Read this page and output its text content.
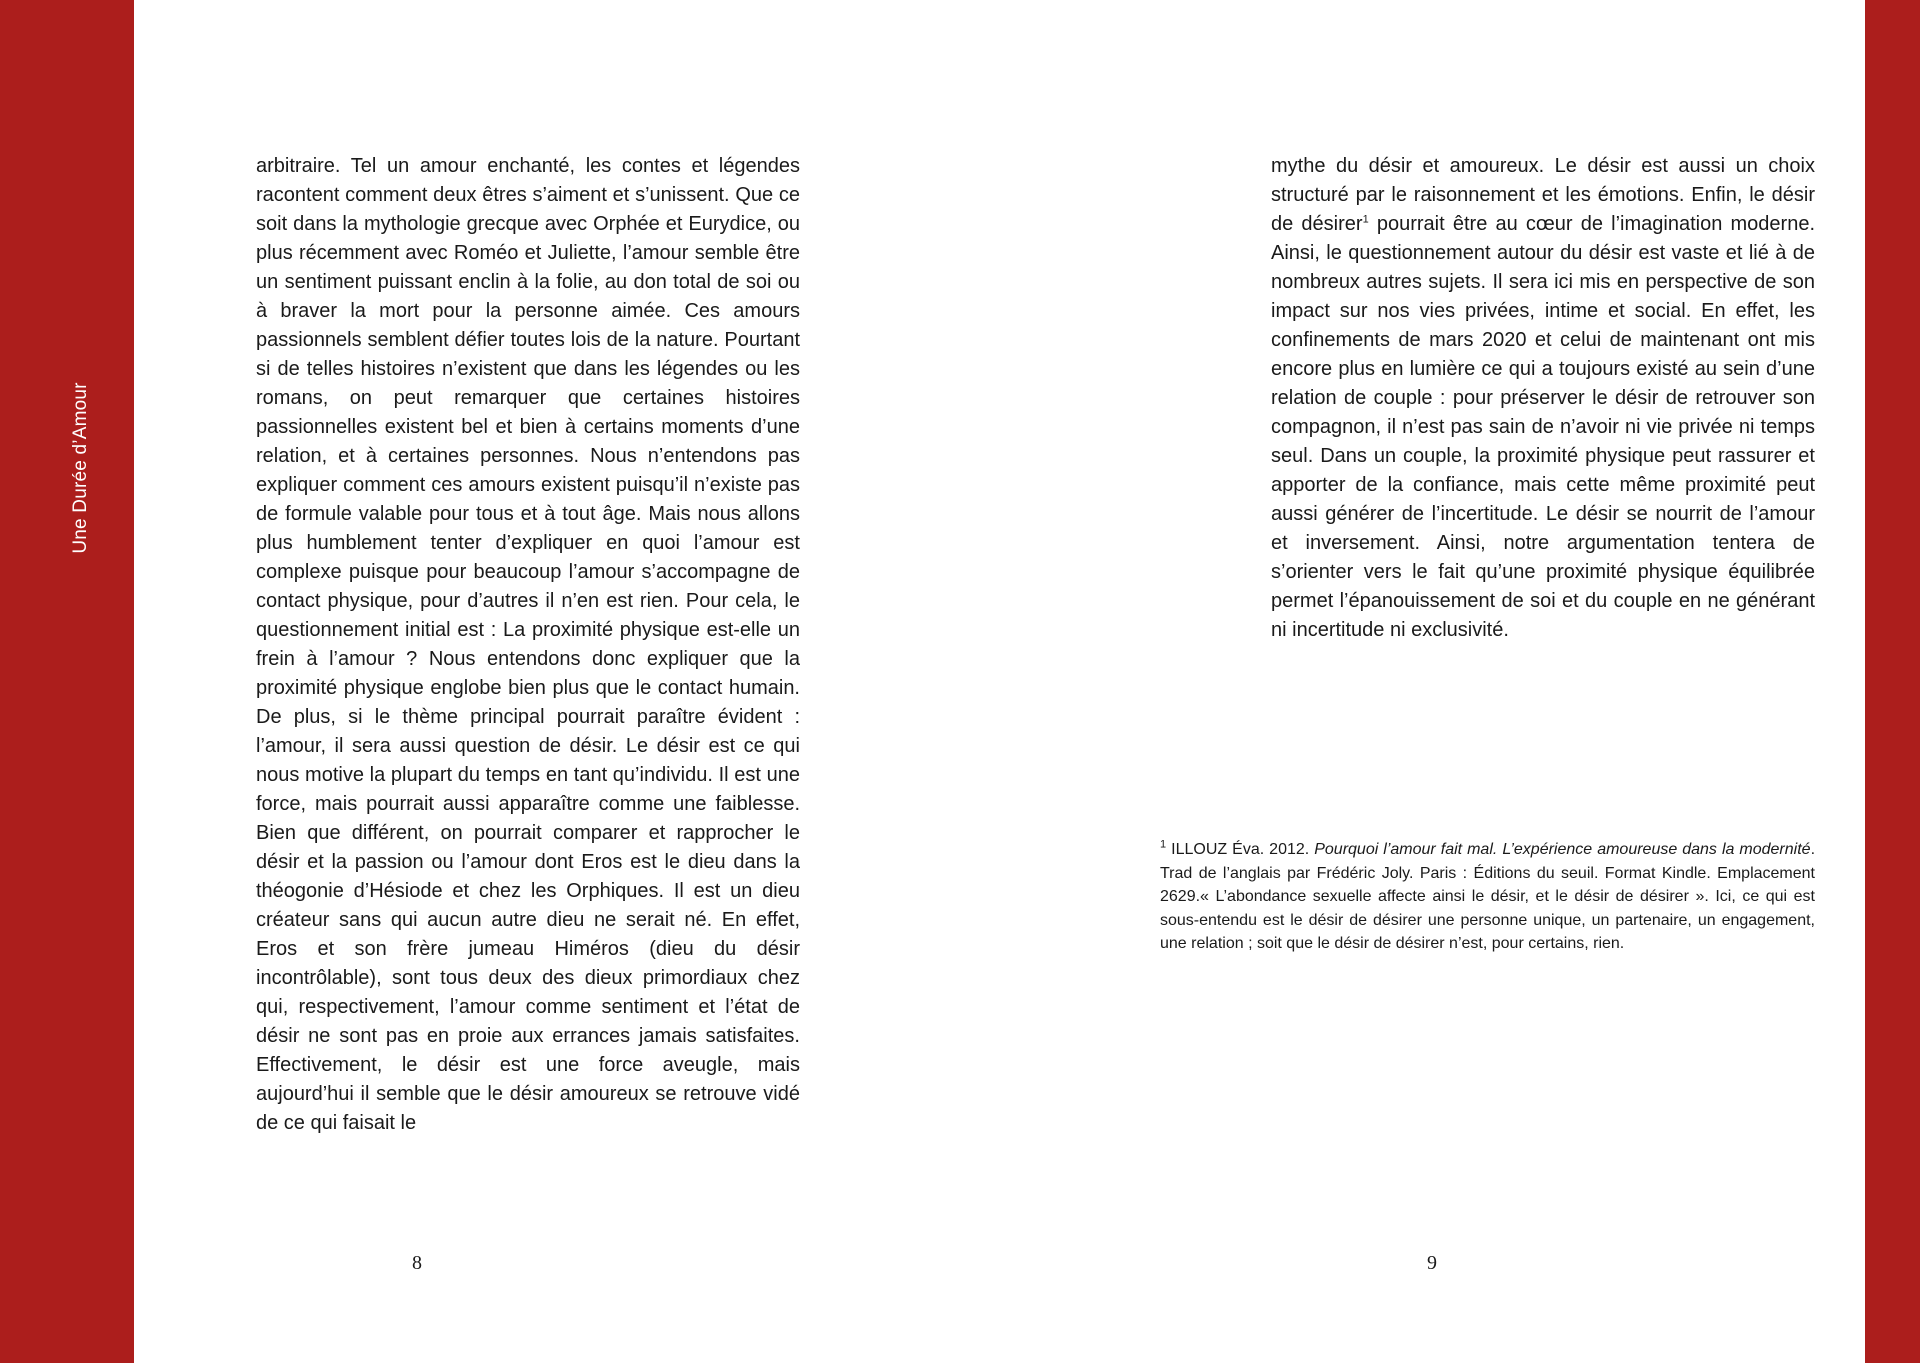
Une Durée d’Amour

arbitraire. Tel un amour enchanté, les contes et légendes racontent comment deux êtres s’aiment et s’unissent. Que ce soit dans la mythologie grecque avec Orphée et Eurydice, ou plus récemment avec Roméo et Juliette, l’amour semble être un sentiment puissant enclin à la folie, au don total de soi ou à braver la mort pour la personne aimée. Ces amours passionnels semblent défier toutes lois de la nature. Pourtant si de telles histoires n’existent que dans les légendes ou les romans, on peut remarquer que certaines histoires passionnelles existent bel et bien à certains moments d’une relation, et à certaines personnes. Nous n’entendons pas expliquer comment ces amours existent puisqu’il n’existe pas de formule valable pour tous et à tout âge. Mais nous allons plus humblement tenter d’expliquer en quoi l’amour est complexe puisque pour beaucoup l’amour s’accompagne de contact physique, pour d’autres il n’en est rien. Pour cela, le questionnement initial est : La proximité physique est-elle un frein à l’amour ? Nous entendons donc expliquer que la proximité physique englobe bien plus que le contact humain. De plus, si le thème principal pourrait paraître évident : l’amour, il sera aussi question de désir. Le désir est ce qui nous motive la plupart du temps en tant qu’individu. Il est une force, mais pourrait aussi apparaître comme une faiblesse. Bien que différent, on pourrait comparer et rapprocher le désir et la passion ou l’amour dont Eros est le dieu dans la théogonie d’Hésiode et chez les Orphiques. Il est un dieu créateur sans qui aucun autre dieu ne serait né. En effet, Eros et son frère jumeau Himéros (dieu du désir incontrôlable), sont tous deux des dieux primordiaux chez qui, respectivement, l’amour comme sentiment et l’état de désir ne sont pas en proie aux errances jamais satisfaites. Effectivement, le désir est une force aveugle, mais aujourd’hui il semble que le désir amoureux se retrouve vidé de ce qui faisait le

mythe du désir et amoureux. Le désir est aussi un choix structuré par le raisonnement et les émotions. Enfin, le désir de désirer$^1$ pourrait être au cœur de l’imagination moderne. Ainsi, le questionnement autour du désir est vaste et lié à de nombreux autres sujets. Il sera ici mis en perspective de son impact sur nos vies privées, intime et social. En effet, les confinements de mars 2020 et celui de maintenant ont mis encore plus en lumière ce qui a toujours existé au sein d’une relation de couple : pour préserver le désir de retrouver son compagnon, il n’est pas sain de n’avoir ni vie privée ni temps seul. Dans un couple, la proximité physique peut rassurer et apporter de la confiance, mais cette même proximité peut aussi générer de l’incertitude. Le désir se nourrit de l’amour et inversement. Ainsi, notre argumentation tentera de s’orienter vers le fait qu’une proximité physique équilibrée permet l’épanouissement de soi et du couple en ne générant ni incertitude ni exclusivité.

$^1$ ILLOUZ Éva. 2012. Pourquoi l’amour fait mal. L’expérience amoureuse dans la modernité. Trad de l’anglais par Frédéric Joly. Paris : Éditions du seuil. Format Kindle. Emplacement 2629.« L’abondance sexuelle affecte ainsi le désir, et le désir de désirer ». Ici, ce qui est sous-entendu est le désir de désirer une personne unique, un partenaire, un engagement, une relation ; soit que le désir de désirer n’est, pour certains, rien.

8	9
